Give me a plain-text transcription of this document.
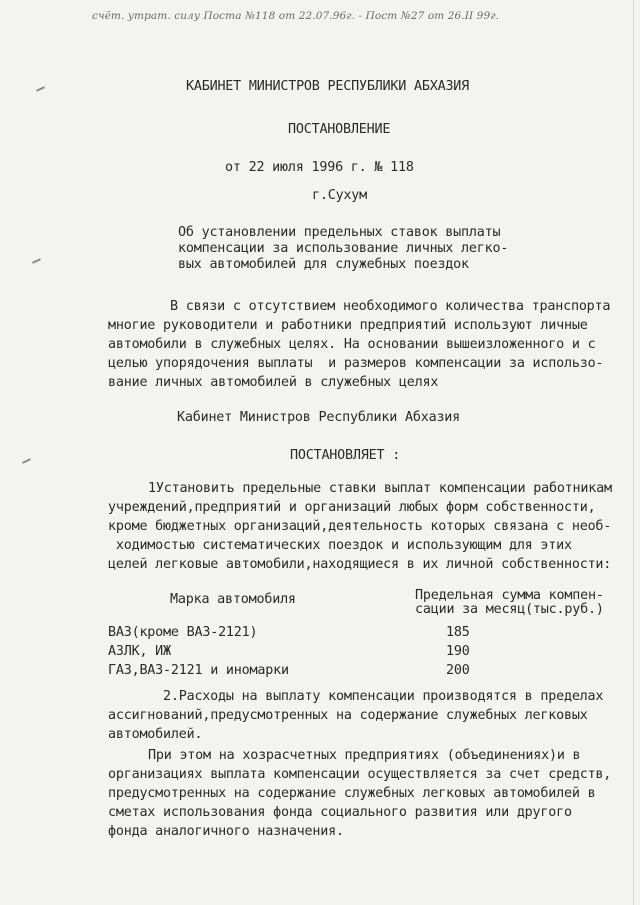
счёт. утрат. силу Поста №118 от 22.07.96г. - Пост №27 от 26.II 99г.
КАБИНЕТ МИНИСТРОВ РЕСПУБЛИКИ АБХАЗИЯ
ПОСТАНОВЛЕНИЕ
от 22 июля 1996 г. № 118
г.Сухум
Об установлении предельных ставок выплаты
компенсации за использование личных легко-
вых автомобилей для служебных поездок
В связи с отсутствием необходимого количества транспорта
многие руководители и работники предприятий используют личные
автомобили в служебных целях. На основании вышеизложенного и с
целью упорядочения выплаты  и размеров компенсации за использо-
вание личных автомобилей в служебных целях
Кабинет Министров Республики Абхазия
ПОСТАНОВЛЯЕТ :
1Установить предельные ставки выплат компенсации работникам
учреждений,предприятий и организаций любых форм собственности,
кроме бюджетных организаций,деятельность которых связана с необ-
ходимостью систематических поездок и использующим для этих
целей легковые автомобили,находящиеся в их личной собственности:
Марка автомобиля	Предельная сумма компен-
сации за месяц(тыс.руб.)
ВАЗ(кроме ВАЗ-2121)	185
АЗЛК, ИЖ	190
ГАЗ,ВАЗ-2121 и иномарки	200
2.Расходы на выплату компенсации производятся в пределах
ассигнований,предусмотренных на содержание служебных легковых
автомобилей.
При этом на хозрасчетных предприятиях (объединениях)и в
организациях выплата компенсации осуществляется за счет средств,
предусмотренных на содержание служебных легковых автомобилей в
сметах использования фонда социального развития или другого
фонда аналогичного назначения.
